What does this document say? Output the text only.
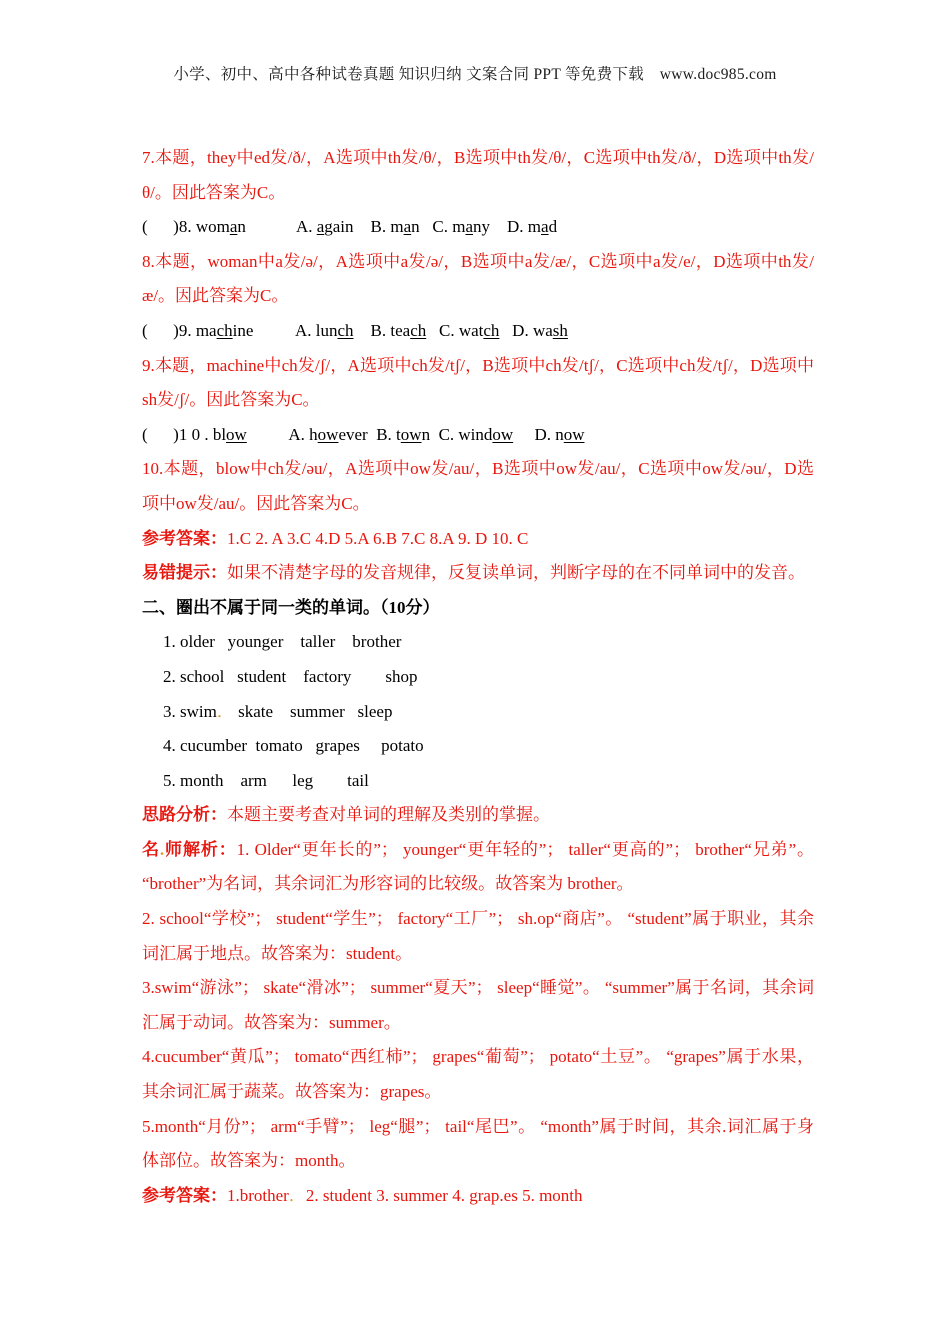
小学、初中、高中各种试卷真题 知识归纳 文案合同 PPT 等免费下载　www.doc985.com

7.本题，they中ed发/ð/，A选项中th发/θ/，B选项中th发/θ/，C选项中th发/ð/，D选项中th发/θ/。因此答案为C。

(      )8. woman	A. again    B. man   C. many    D. mad

8.本题，woman中a发/ə/，A选项中a发/ə/，B选项中a发/æ/，C选项中a发/e/，D选项中th发/æ/。因此答案为C。

(      )9. machine A. lunch    B. teach   C. watch   D. wash

9.本题，machine中ch发/ʃ/，A选项中ch发/tʃ/，B选项中ch发/tʃ/，C选项中ch发/tʃ/，D选项中sh发/ʃ/。因此答案为C。

(      )1 0 . blow A. however  B. town  C. window     D. now

10.本题，blow中ch发/əu/，A选项中ow发/au/，B选项中ow发/au/，C选项中ow发/əu/，D选项中ow发/au/。因此答案为C。

参考答案：1.C 2. A 3.C 4.D 5.A 6.B 7.C 8.A 9. D 10. C

易错提示：如果不清楚字母的发音规律，反复读单词，判断字母的在不同单词中的发音。

二、圈出不属于同一类的单词。（10分）

1. older   younger    taller    brother

2. school   student    factory        shop

3. swim． skate    summer   sleep

4. cucumber  tomato   grapes     potato

5. month    arm      leg        tail

思路分析：本题主要考查对单词的理解及类别的掌握。

名.师解析：1. Older“更年长的”； younger“更年轻的”； taller“更高的”； brother“兄弟”。 “brother”为名词，其余词汇为形容词的比较级。故答案为 brother。

2. school“学校”； student“学生”； factory“工厂”； sh.op“商店”。 “student”属于职业，其余词汇属于地点。故答案为：student。

3.swim“游泳”； skate“滑冰”； summer“夏天”； sleep“睡觉”。 “summer”属于名词，其余词汇属于动词。故答案为：summer。

4.cucumber“黄瓜”； tomato“西红柿”； grapes“葡萄”； potato“土豆”。 “grapes”属于水果，其余词汇属于蔬菜。故答案为：grapes。

5.month“月份”； arm“手臂”； leg“腿”； tail“尾巴”。 “month”属于时间，其余.词汇属于身体部位。故答案为：month。

参考答案：1.brother．2. student 3. summer 4. grap.es 5. month
